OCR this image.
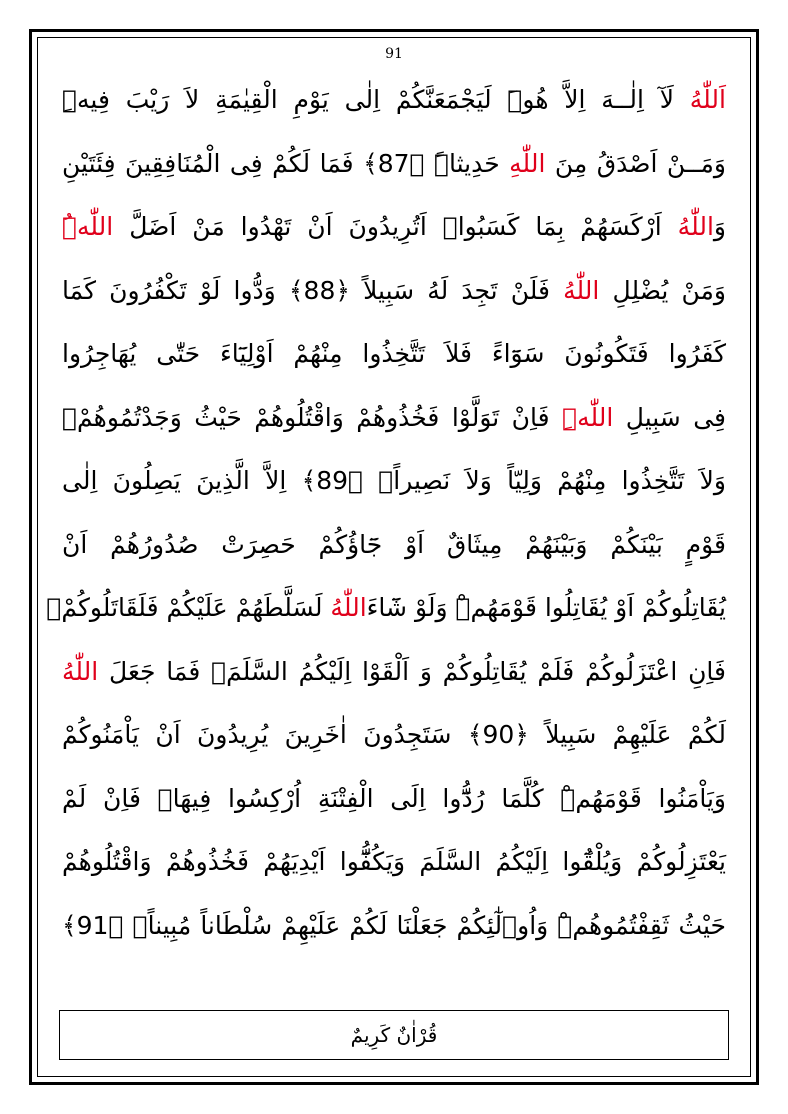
91
اَللّٰهُ لَآ اِلٰــهَ اِلاَّ هُوَۜ لَيَجْمَعَنَّكُمْ اِلٰى يَوْمِ الْقِيٰمَةِ لاَ رَيْبَ فِيهِۜ
وَمَــنْ اَصْدَقُ مِنَ اللّٰهِ حَدِيثاًۜ ﴿87﴾ فَمَا لَكُمْ فِى الْمُنَافِقِينَ فِئَتَيْنِ
وَاللّٰهُ اَرْكَسَهُمْ بِمَا كَسَبُواۜ اَتُرِيدُونَ اَنْ تَهْدُوا مَنْ اَضَلَّ اللّٰهُۜ
وَمَنْ يُضْلِلِ اللّٰهُ فَلَنْ تَجِدَ لَهُ سَبِيلاً ﴿88﴾ وَدُّوا لَوْ تَكْفُرُونَ كَمَا
كَفَرُوا فَتَكُونُونَ سَوَٓاءً فَلاَ تَتَّخِذُوا مِنْهُمْ اَوْلِيَٓاءَ حَتّٰى يُهَاجِرُوا
فِى سَبِيلِ اللّٰهِۜ فَاِنْ تَوَلَّوْا فَخُذُوهُمْ وَاقْتُلُوهُمْ حَيْثُ وَجَدْتُمُوهُمْۖ
وَلاَ تَتَّخِذُوا مِنْهُمْ وَلِيّاً وَلاَ نَصِيراًۙ ﴿89﴾ اِلاَّ الَّذِينَ يَصِلُونَ اِلٰى
قَوْمٍ بَيْنَكُمْ وَبَيْنَهُمْ مِيثَاقٌ اَوْ جَٓاؤُكُمْ حَصِرَتْ صُدُورُهُمْ اَنْ
يُقَاتِلُوكُمْ اَوْ يُقَاتِلُوا قَوْمَهُمْۜ وَلَوْ شَٓاءَاللّٰهُ لَسَلَّطَهُمْ عَلَيْكُمْ فَلَقَاتَلُوكُمْۚ
فَاِنِ اعْتَزَلُوكُمْ فَلَمْ يُقَاتِلُوكُمْ وَ اَلْقَوْا اِلَيْكُمُ السَّلَمَۙ فَمَا جَعَلَ اللّٰهُ
لَكُمْ عَلَيْهِمْ سَبِيلاً ﴿90﴾ سَتَجِدُونَ اٰخَرِينَ يُرِيدُونَ اَنْ يَاْمَنُوكُمْ
وَيَاْمَنُوا قَوْمَهُمْۜ كُلَّمَا رُدُّٓوا اِلَى الْفِتْنَةِ اُرْكِسُوا فِيهَاۚ فَاِنْ لَمْ
يَعْتَزِلُوكُمْ وَيُلْقُٓوا اِلَيْكُمُ السَّلَمَ وَيَكُفُّٓوا اَيْدِيَهُمْ فَخُذُوهُمْ وَاقْتُلُوهُمْ
حَيْثُ ثَقِفْتُمُوهُمْۜ وَاُو۬لٰٓئِكُمْ جَعَلْنَا لَكُمْ عَلَيْهِمْ سُلْطَاناً مُبِيناًۚ ﴿91﴾
قُرْاٰنٌ كَرِيمٌ
